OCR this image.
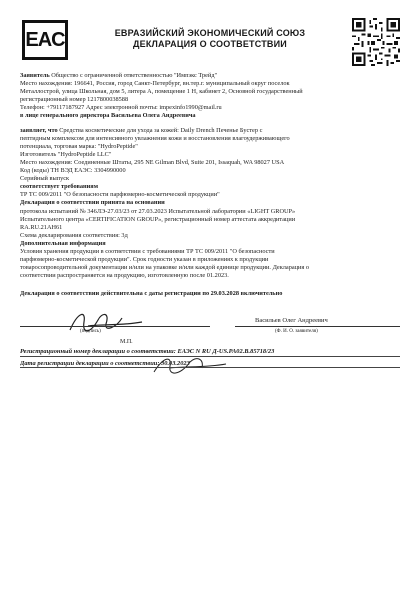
EAC	ЕВРАЗИЙСКИЙ ЭКОНОМИЧЕСКИЙ СОЮЗ
ДЕКЛАРАЦИЯ О СООТВЕТСТВИИ
Заявитель Общество с ограниченной ответственностью "Импэкс Трейд"
Место нахождения: 196641, Россия, город Санкт-Петербург, вн.тер.г. муниципальный округ поселок
Металлострой, улица Школьная, дом 5, литера А, помещение 1 Н, кабинет 2, Основной государственный
регистрационный номер 1217800038588
Телефон: +79117187927 Адрес электронной почты: impexinfo1990@mail.ru
в лице генерального директора Васильева Олега Андреевича
заявляет, что Средства косметические для ухода за кожей: Daily Drench Печенье Бустер с
пептидным комплексом для интенсивного увлажнения кожи и восстановления влагоудерживающего
потенциала, торговая марка: "HydroPeptide"
Изготовитель "HydroPeptide LLC"
Место нахождения: Соединенные Штаты, 295 NE Gilman Blvd, Suite 201, Issaquah, WA 98027 USA
Код (коды) ТН ВЭД ЕАЭС: 3304990000
Серийный выпуск
соответствует требованиям
ТР ТС 009/2011 "О безопасности парфюмерно-косметической продукции"
Декларация о соответствии принята на основании
протокола испытаний № 346ЛЭ-27.03/23 от 27.03.2023 Испытательной лаборатории «LIGHT GROUP»
Испытательного центра «CERTIFICATION GROUP», регистрационный номер аттестата аккредитации
RA.RU.21AH61
Схема декларирования соответствия: 3д
Дополнительная информация
Условия хранения продукции в соответствии с требованиями ТР ТС 009/2011 "О безопасности
парфюмерно-косметической продукции". Срок годности указан в приложениях к продукции
товаросопроводительной документации и/или на упаковке и/или каждой единице продукции. Декларация о
соответствии распространяется на продукцию, изготовленную после 01.2023.
Декларация о соответствии действительна с даты регистрации по 29.03.2028 включительно
Васильев Олег Андреевич
(подпись)	(Ф. И. О. заявителя)
М.П.
Регистрационный номер декларации о соответствии: ЕАЭС N RU Д-US.PA02.B.85718/23
Дата регистрации декларации о соответствии: 30.03.2023
